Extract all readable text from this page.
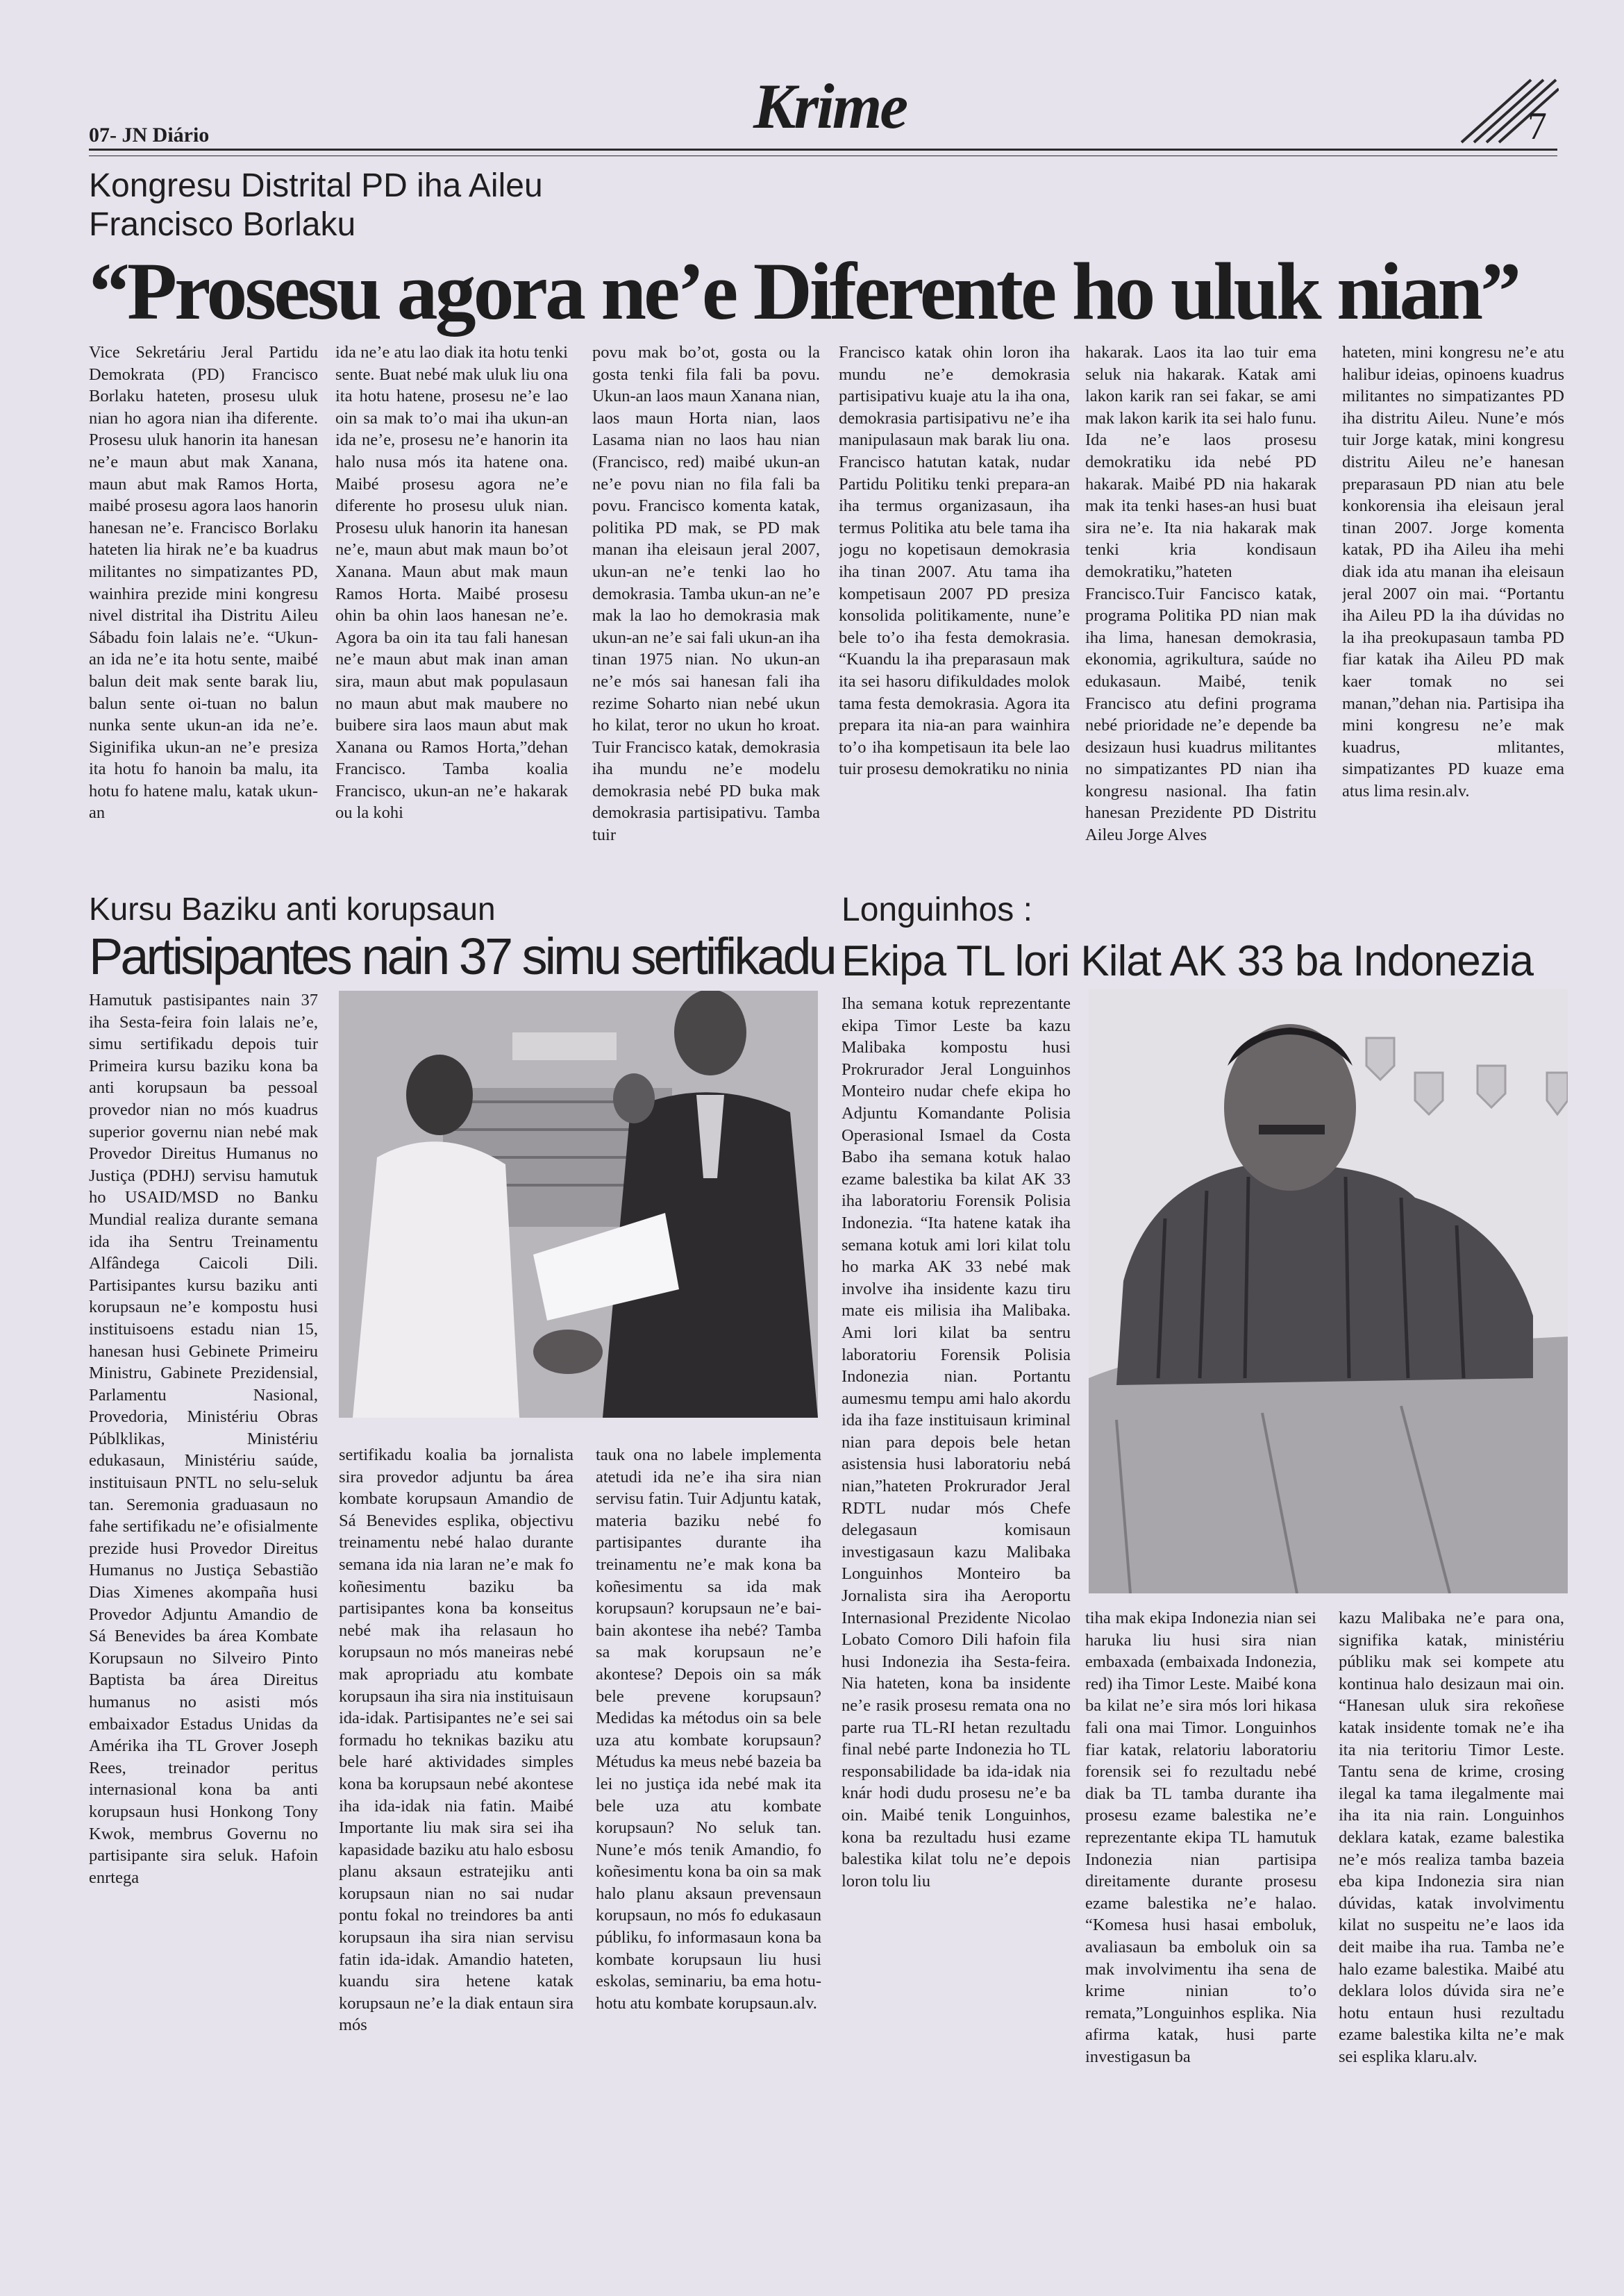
07- JN Diário	Krime	7
Kongresu Distrital PD iha Aileu
Francisco Borlaku
“Prosesu agora ne’e Diferente ho uluk nian”
Vice Sekretáriu Jeral Partidu Demokrata (PD) Francisco Borlaku hateten, prosesu uluk nian ho agora nian iha diferente. Prosesu uluk hanorin ita hanesan ne’e maun abut mak Xanana, maun abut mak Ramos Horta, maibé prosesu agora laos hanorin hanesan ne’e. Francisco Borlaku hateten lia hirak ne’e ba kuadrus militantes no simpatizantes PD, wainhira prezide mini kongresu nivel distrital iha Distritu Aileu Sábadu foin lalais ne’e. “Ukun-an ida ne’e ita hotu sente, maibé balun deit mak sente barak liu, balun sente oi-tuan no balun nunka sente ukun-an ida ne’e. Siginifika ukun-an ne’e presiza ita hotu fo hanoin ba malu, ita hotu fo hatene malu, katak ukun-an
ida ne’e atu lao diak ita hotu tenki sente. Buat nebé mak uluk liu ona ita hotu hatene, prosesu ne’e lao oin sa mak to’o mai iha ukun-an ida ne’e, prosesu ne’e hanorin ita halo nusa mós ita hatene ona. Maibé prosesu agora ne’e diferente ho prosesu uluk nian. Prosesu uluk hanorin ita hanesan ne’e, maun abut mak maun bo’ot Xanana. Maun abut mak maun Ramos Horta. Maibé prosesu ohin ba ohin laos hanesan ne’e. Agora ba oin ita tau fali hanesan ne’e maun abut mak inan aman sira, maun abut mak populasaun no maun abut mak maubere no buibere sira laos maun abut mak Xanana ou Ramos Horta,”dehan Francisco. Tamba koalia Francisco, ukun-an ne’e hakarak ou la kohi
povu mak bo’ot, gosta ou la gosta tenki fila fali ba povu. Ukun-an laos maun Xanana nian, laos maun Horta nian, laos Lasama nian no laos hau nian (Francisco, red) maibé ukun-an ne’e povu nian no fila fali ba povu. Francisco komenta katak, politika PD mak, se PD mak manan iha eleisaun jeral 2007, ukun-an ne’e tenki lao ho demokrasia. Tamba ukun-an ne’e mak la lao ho demokrasia mak ukun-an ne’e sai fali ukun-an iha tinan 1975 nian. No ukun-an ne’e mós sai hanesan fali iha rezime Soharto nian nebé ukun ho kilat, teror no ukun ho kroat. Tuir Francisco katak, demokrasia iha mundu ne’e modelu demokrasia nebé PD buka mak demokrasia partisipativu. Tamba tuir
Francisco katak ohin loron iha mundu ne’e demokrasia partisipativu kuaje atu la iha ona, demokrasia partisipativu ne’e iha manipulasaun mak barak liu ona. Francisco hatutan katak, nudar Partidu Politiku tenki prepara-an iha termus organizasaun, iha termus Politika atu bele tama iha jogu no kopetisaun demokrasia iha tinan 2007. Atu tama iha kompetisaun 2007 PD presiza konsolida politikamente, nune’e bele to’o iha festa demokrasia. “Kuandu la iha preparasaun mak ita sei hasoru difikuldades molok tama festa demokrasia. Agora ita prepara ita nia-an para wainhira to’o iha kompetisaun ita bele lao tuir prosesu demokratiku no ninia
hakarak. Laos ita lao tuir ema seluk nia hakarak. Katak ami lakon karik ran sei fakar, se ami mak lakon karik ita sei halo funu. Ida ne’e laos prosesu demokratiku ida nebé PD hakarak. Maibé PD nia hakarak mak ita tenki hases-an husi buat sira ne’e. Ita nia hakarak mak tenki kria kondisaun demokratiku,”hateten Francisco.Tuir Fancisco katak, programa Politika PD nian mak iha lima, hanesan demokrasia, ekonomia, agrikultura, saúde no edukasaun. Maibé, tenik Francisco atu defini programa nebé prioridade ne’e depende ba desizaun husi kuadrus militantes no simpatizantes PD nian iha kongresu nasional. Iha fatin hanesan Prezidente PD Distritu Aileu Jorge Alves
hateten, mini kongresu ne’e atu halibur ideias, opinoens kuadrus militantes no simpatizantes PD iha distritu Aileu. Nune’e mós tuir Jorge katak, mini kongresu distritu Aileu ne’e hanesan preparasaun PD nian atu bele konkorensia iha eleisaun jeral tinan 2007. Jorge komenta katak, PD iha Aileu iha mehi diak ida atu manan iha eleisaun jeral 2007 oin mai. “Portantu iha Aileu PD la iha dúvidas no la iha preokupasaun tamba PD fiar katak iha Aileu PD mak kaer tomak no sei manan,”dehan nia. Partisipa iha mini kongresu ne’e mak kuadrus, mlitantes, simpatizantes PD kuaze ema atus lima resin.alv.
Kursu Baziku anti korupsaun
Partisipantes nain 37 simu sertifikadu
Hamutuk pastisipantes nain 37 iha Sesta-feira foin lalais ne’e, simu sertifikadu depois tuir Primeira kursu baziku kona ba anti korupsaun ba pessoal provedor nian no mós kuadrus superior governu nian nebé mak Provedor Direitus Humanus no Justiça (PDHJ) servisu hamutuk ho USAID/MSD no Banku Mundial realiza durante semana ida iha Sentru Treinamentu Alfândega Caicoli Dili. Partisipantes kursu baziku anti korupsaun ne’e kompostu husi instituisoens estadu nian 15, hanesan husi Gebinete Primeiru Ministru, Gabinete Prezidensial, Parlamentu Nasional, Provedoria, Ministériu Obras Públklikas, Ministériu edukasaun, Ministériu saúde, instituisaun PNTL no selu-seluk tan. Seremonia graduasaun no fahe sertifikadu ne’e ofisialmente prezide husi Provedor Direitus Humanus no Justiça Sebastião Dias Ximenes akompaña husi Provedor Adjuntu Amandio de Sá Benevides ba área Kombate Korupsaun no Silveiro Pinto Baptista ba área Direitus humanus no asisti mós embaixador Estadus Unidas da Amérika iha TL Grover Joseph Rees, treinador peritus internasional kona ba anti korupsaun husi Honkong Tony Kwok, membrus Governu no partisipante sira seluk. Hafoin enrtega
sertifikadu koalia ba jornalista sira provedor adjuntu ba área kombate korupsaun Amandio de Sá Benevides esplika, objectivu treinamentu nebé halao durante semana ida nia laran ne’e mak fo koñesimentu baziku ba partisipantes kona ba konseitus nebé mak iha relasaun ho korupsaun no mós maneiras nebé mak apropriadu atu kombate korupsaun iha sira nia instituisaun ida-idak. Partisipantes ne’e sei sai formadu ho teknikas baziku atu bele haré aktividades simples kona ba korupsaun nebé akontese iha ida-idak nia fatin. Maibé Importante liu mak sira sei iha kapasidade baziku atu halo esbosu planu aksaun estratejiku anti korupsaun nian no sai nudar pontu fokal no treindores ba anti korupsaun iha sira nian servisu fatin ida-idak. Amandio hateten, kuandu sira hetene katak korupsaun ne’e la diak entaun sira mós
tauk ona no labele implementa atetudi ida ne’e iha sira nian servisu fatin. Tuir Adjuntu katak, materia baziku nebé fo partisipantes durante iha treinamentu ne’e mak kona ba koñesimentu sa ida mak korupsaun? korupsaun ne’e bai-bain akontese iha nebé? Tamba sa mak korupsaun ne’e akontese? Depois oin sa mák bele prevene korupsaun? Medidas ka métodus oin sa bele uza atu kombate korupsaun? Métudus ka meus nebé bazeia ba lei no justiça ida nebé mak ita bele uza atu kombate korupsaun? No seluk tan. Nune’e mós tenik Amandio, fo koñesimentu kona ba oin sa mak halo planu aksaun prevensaun korupsaun, no mós fo edukasaun públiku, fo informasaun kona ba kombate korupsaun liu husi eskolas, seminariu, ba ema hotu-hotu atu kombate korupsaun.alv.
Longuinhos :
Ekipa TL lori Kilat AK 33 ba Indonezia
Iha semana kotuk reprezentante ekipa Timor Leste ba kazu Malibaka kompostu husi Prokrurador Jeral Longuinhos Monteiro nudar chefe ekipa ho Adjuntu Komandante Polisia Operasional Ismael da Costa Babo iha semana kotuk halao ezame balestika ba kilat AK 33 iha laboratoriu Forensik Polisia Indonezia. “Ita hatene katak iha semana kotuk ami lori kilat tolu ho marka AK 33 nebé mak involve iha insidente kazu tiru mate eis milisia iha Malibaka. Ami lori kilat ba sentru laboratoriu Forensik Polisia Indonezia nian. Portantu aumesmu tempu ami halo akordu ida iha faze instituisaun kriminal nian para depois bele hetan asistensia husi laboratoriu nebá nian,”hateten Prokrurador Jeral RDTL nudar mós Chefe delegasaun komisaun investigasaun kazu Malibaka Longuinhos Monteiro ba Jornalista sira iha Aeroportu Internasional Prezidente Nicolao Lobato Comoro Dili hafoin fila husi Indonezia iha Sesta-feira. Nia hateten, kona ba insidente ne’e rasik prosesu remata ona no parte rua TL-RI hetan rezultadu final nebé parte Indonezia ho TL responsabilidade ba ida-idak nia knár hodi dudu prosesu ne’e ba oin. Maibé tenik Longuinhos, kona ba rezultadu husi ezame balestika kilat tolu ne’e depois loron tolu liu
tiha mak ekipa Indonezia nian sei haruka liu husi sira nian embaxada (embaixada Indonezia, red) iha Timor Leste. Maibé kona ba kilat ne’e sira mós lori hikasa fali ona mai Timor. Longuinhos fiar katak, relatoriu laboratoriu forensik sei fo rezultadu nebé diak ba TL tamba durante iha prosesu ezame balestika ne’e reprezentante ekipa TL hamutuk Indonezia nian partisipa direitamente durante prosesu ezame balestika ne’e halao. “Komesa husi hasai emboluk, avaliasaun ba emboluk oin sa mak involvimentu iha sena de krime ninian to’o remata,”Longuinhos esplika. Nia afirma katak, husi parte investigasun ba
kazu Malibaka ne’e para ona, signifika katak, ministériu públiku mak sei kompete atu kontinua halo desizaun mai oin. “Hanesan uluk sira rekoñese katak insidente tomak ne’e iha ita nia teritoriu Timor Leste. Tantu sena de krime, crosing ilegal ka tama ilegalmente mai iha ita nia rain. Longuinhos deklara katak, ezame balestika ne’e mós realiza tamba bazeia eba kipa Indonezia sira nian dúvidas, katak involvimentu kilat no suspeitu ne’e laos ida deit maibe iha rua. Tamba ne’e halo ezame balestika. Maibé atu deklara lolos dúvida sira ne’e hotu entaun husi rezultadu ezame balestika kilta ne’e mak sei esplika klaru.alv.
